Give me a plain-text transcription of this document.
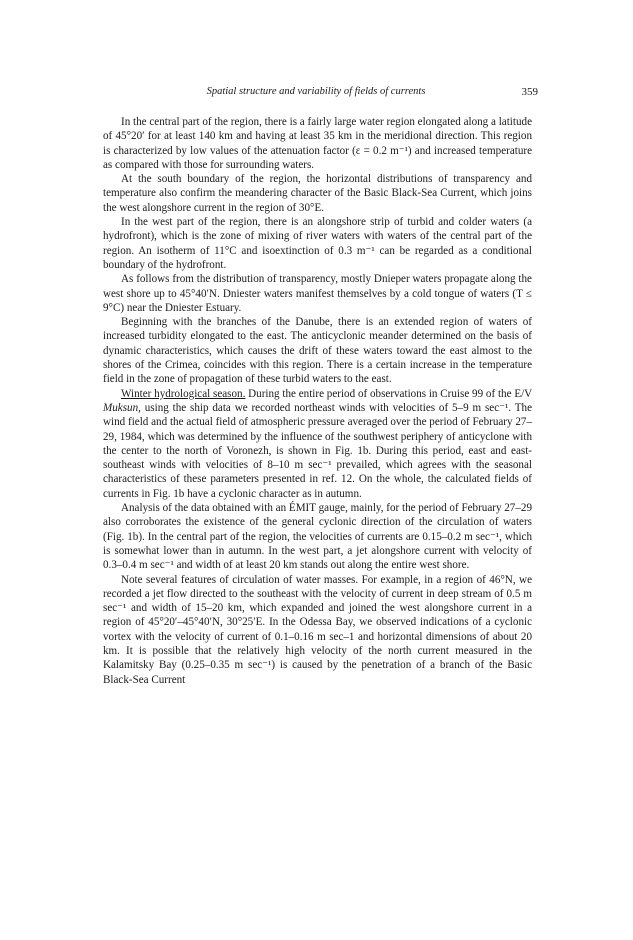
Spatial structure and variability of fields of currents	359

In the central part of the region, there is a fairly large water region elongated along a latitude of 45°20′ for at least 140 km and having at least 35 km in the meridional direction. This region is characterized by low values of the attenuation factor (ε = 0.2 m⁻¹) and increased temperature as compared with those for surrounding waters.

At the south boundary of the region, the horizontal distributions of transparency and temperature also confirm the meandering character of the Basic Black-Sea Current, which joins the west alongshore current in the region of 30°E.

In the west part of the region, there is an alongshore strip of turbid and colder waters (a hydrofront), which is the zone of mixing of river waters with waters of the central part of the region. An isotherm of 11°C and isoextinction of 0.3 m⁻¹ can be regarded as a conditional boundary of the hydrofront.

As follows from the distribution of transparency, mostly Dnieper waters propagate along the west shore up to 45°40′N. Dniester waters manifest themselves by a cold tongue of waters (T ≤ 9°C) near the Dniester Estuary.

Beginning with the branches of the Danube, there is an extended region of waters of increased turbidity elongated to the east. The anticyclonic meander determined on the basis of dynamic characteristics, which causes the drift of these waters toward the east almost to the shores of the Crimea, coincides with this region. There is a certain increase in the temperature field in the zone of propagation of these turbid waters to the east.

Winter hydrological season. During the entire period of observations in Cruise 99 of the E/V Muksun, using the ship data we recorded northeast winds with velocities of 5–9 m sec⁻¹. The wind field and the actual field of atmospheric pressure averaged over the period of February 27–29, 1984, which was determined by the influence of the southwest periphery of anticyclone with the center to the north of Voronezh, is shown in Fig. 1b. During this period, east and east-southeast winds with velocities of 8–10 m sec⁻¹ prevailed, which agrees with the seasonal characteristics of these parameters presented in ref. 12. On the whole, the calculated fields of currents in Fig. 1b have a cyclonic character as in autumn.

Analysis of the data obtained with an ÉMIT gauge, mainly, for the period of February 27–29 also corroborates the existence of the general cyclonic direction of the circulation of waters (Fig. 1b). In the central part of the region, the velocities of currents are 0.15–0.2 m sec⁻¹, which is somewhat lower than in autumn. In the west part, a jet alongshore current with velocity of 0.3–0.4 m sec⁻¹ and width of at least 20 km stands out along the entire west shore.

Note several features of circulation of water masses. For example, in a region of 46°N, we recorded a jet flow directed to the southeast with the velocity of current in deep stream of 0.5 m sec⁻¹ and width of 15–20 km, which expanded and joined the west alongshore current in a region of 45°20′–45°40′N, 30°25′E. In the Odessa Bay, we observed indications of a cyclonic vortex with the velocity of current of 0.1–0.16 m sec–1 and horizontal dimensions of about 20 km. It is possible that the relatively high velocity of the north current measured in the Kalamitsky Bay (0.25–0.35 m sec⁻¹) is caused by the penetration of a branch of the Basic Black-Sea Current
